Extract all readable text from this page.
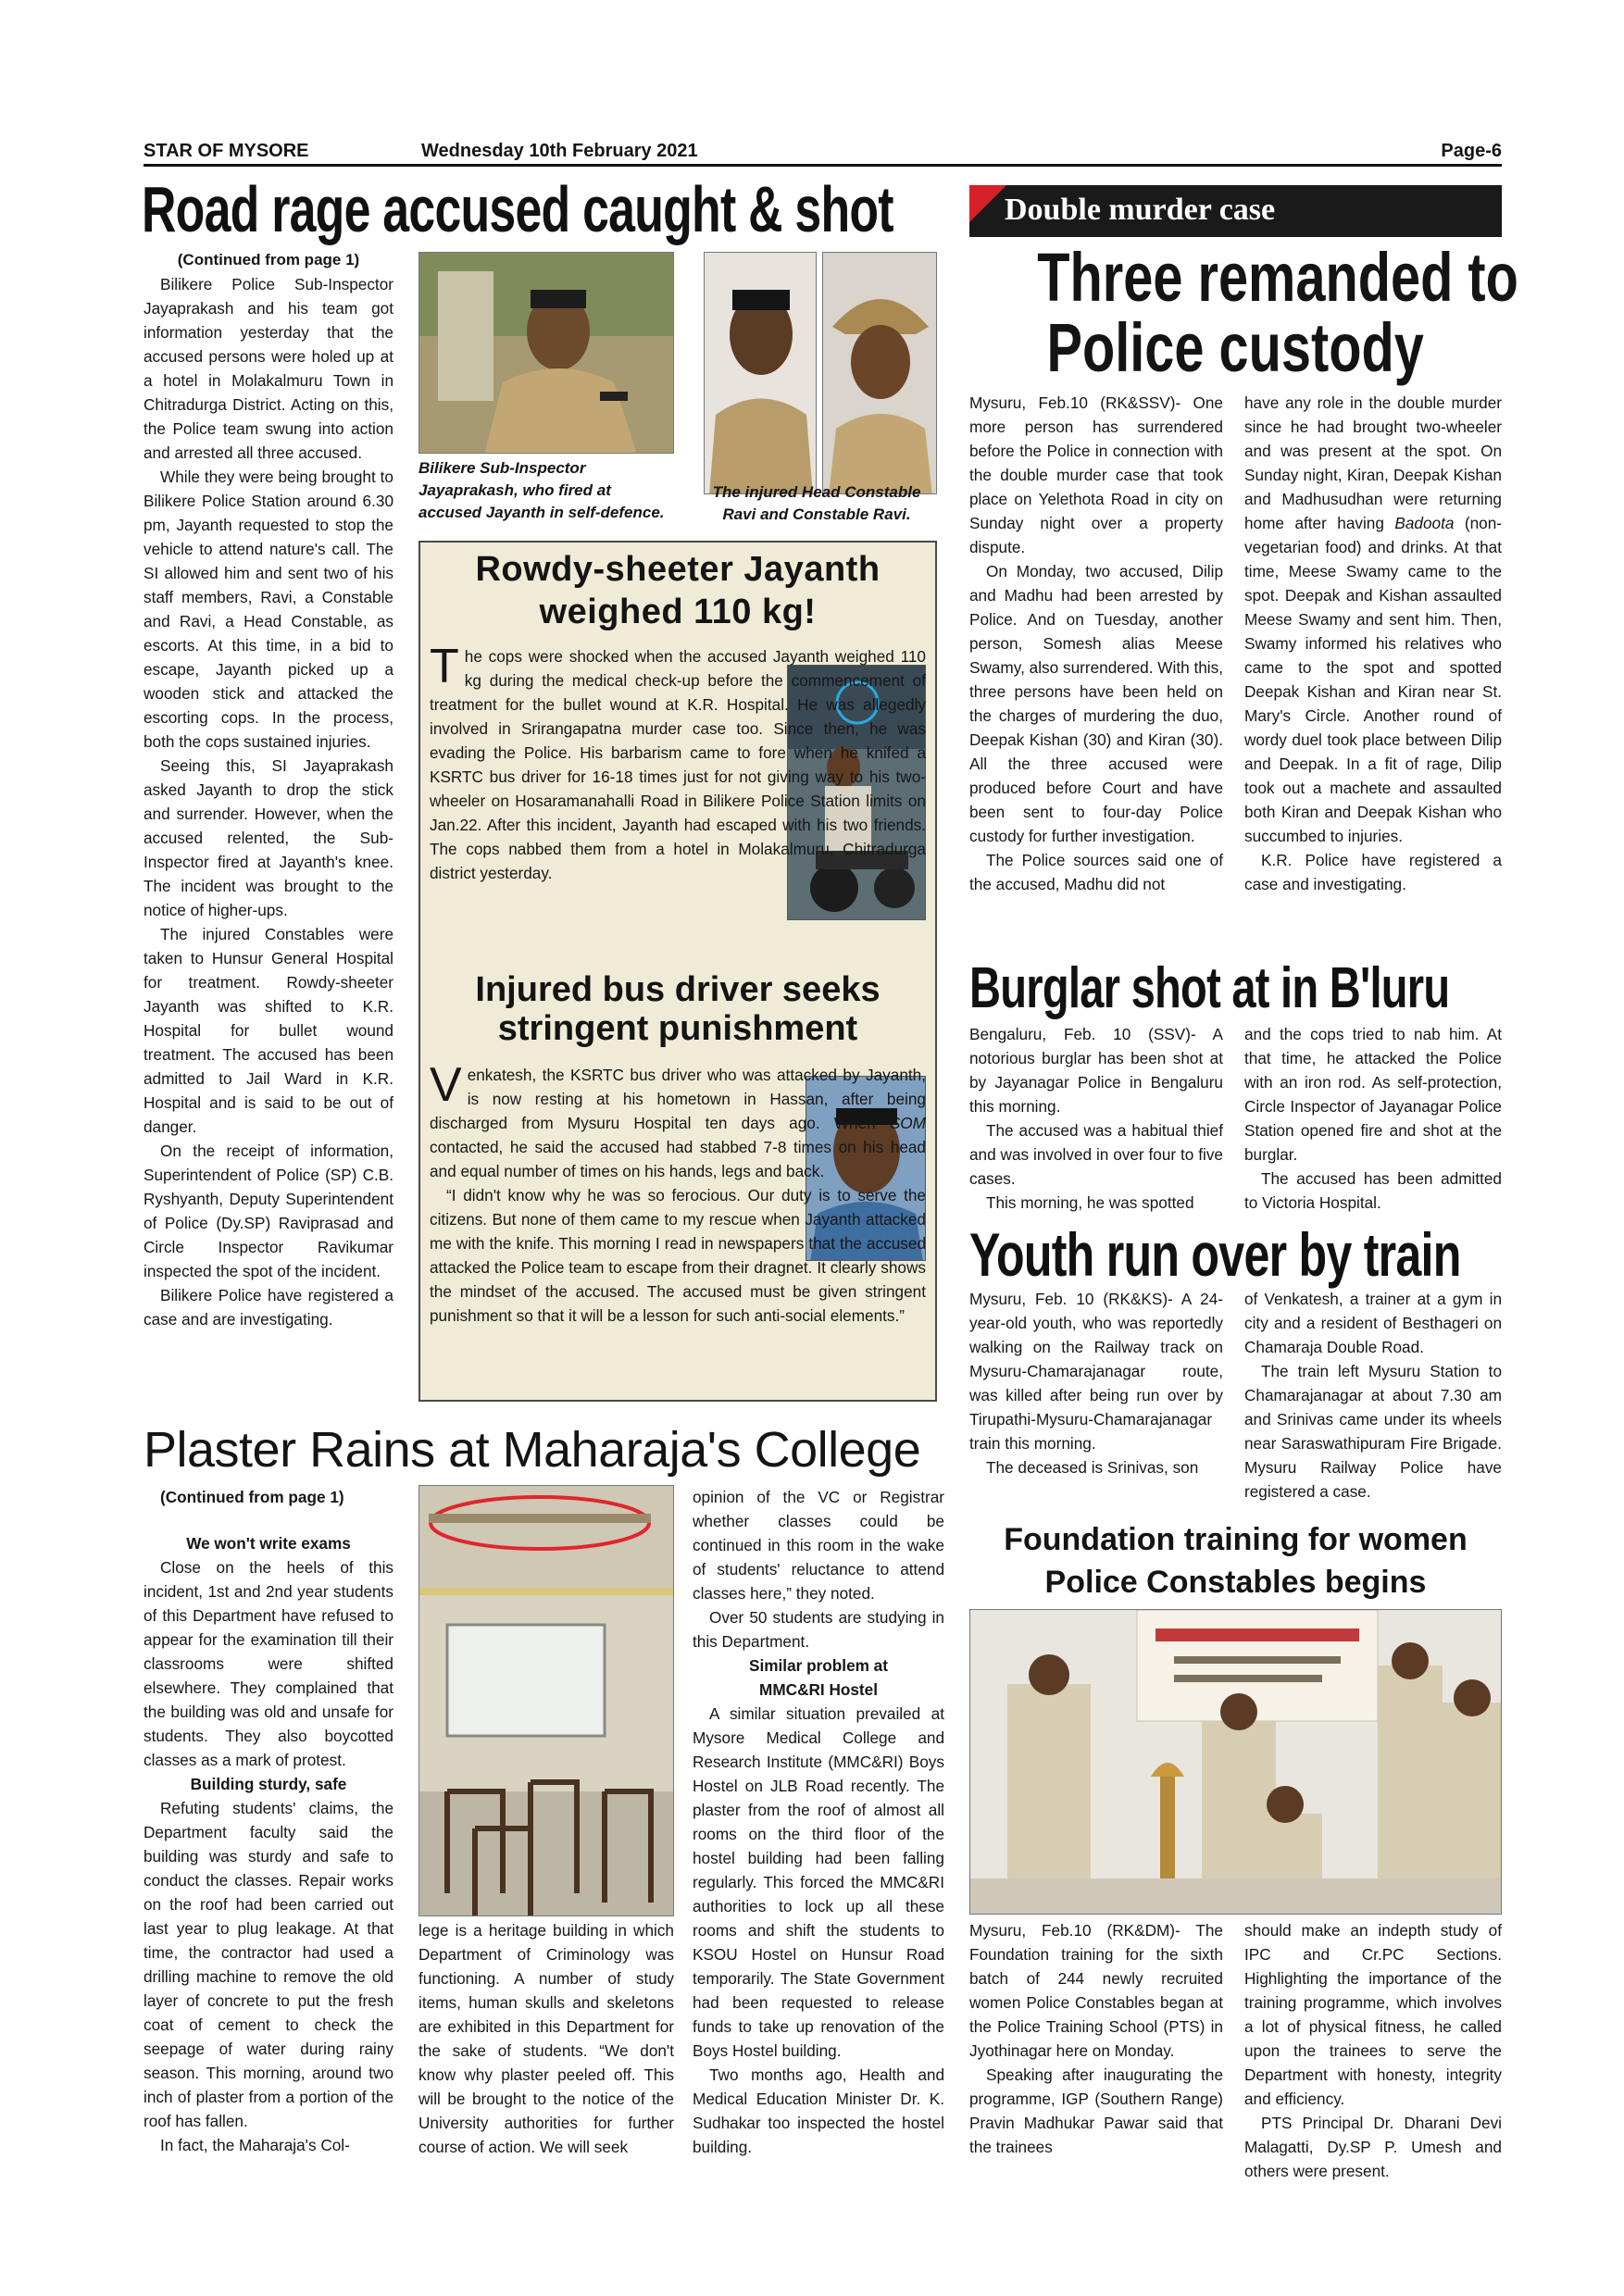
STAR OF MYSORE	Wednesday 10th February 2021	Page-6
Road rage accused caught & shot

(Continued from page 1)

Bilikere Police Sub-Inspector Jayaprakash and his team got information yesterday that the accused persons were holed up at a hotel in Molakalmuru Town in Chitradurga District. Acting on this, the Police team swung into action and arrested all three accused.

While they were being brought to Bilikere Police Station around 6.30 pm, Jayanth requested to stop the vehicle to attend nature's call. The SI allowed him and sent two of his staff members, Ravi, a Constable and Ravi, a Head Constable, as escorts. At this time, in a bid to escape, Jayanth picked up a wooden stick and attacked the escorting cops. In the process, both the cops sustained injuries.

Seeing this, SI Jayaprakash asked Jayanth to drop the stick and surrender. However, when the accused relented, the Sub-Inspector fired at Jayanth's knee. The incident was brought to the notice of higher-ups.

The injured Constables were taken to Hunsur General Hospital for treatment. Rowdy-sheeter Jayanth was shifted to K.R. Hospital for bullet wound treatment. The accused has been admitted to Jail Ward in K.R. Hospital and is said to be out of danger.

On the receipt of information, Superintendent of Police (SP) C.B. Ryshyanth, Deputy Superintendent of Police (Dy.SP) Raviprasad and Circle Inspector Ravikumar inspected the spot of the incident.

Bilikere Police have registered a case and are investigating.

Bilikere Sub-Inspector Jayaprakash, who fired at accused Jayanth in self-defence.
The injured Head Constable Ravi and Constable Ravi.
Rowdy-sheeter Jayanth weighed 110 kg!

The cops were shocked when the accused Jayanth weighed 110 kg during the medical check-up before the commencement of treatment for the bullet wound at K.R. Hospital. He was allegedly involved in Srirangapatna murder case too. Since then, he was evading the Police. His barbarism came to fore when he knifed a KSRTC bus driver for 16-18 times just for not giving way to his two-wheeler on Hosaramanahalli Road in Bilikere Police Station limits on Jan.22. After this incident, Jayanth had escaped with his two friends. The cops nabbed them from a hotel in Molakalmuru, Chitradurga district yesterday.

Injured bus driver seeks stringent punishment

Venkatesh, the KSRTC bus driver who was attacked by Jayanth, is now resting at his hometown in Hassan, after being discharged from Mysuru Hospital ten days ago. When SOM contacted, he said the accused had stabbed 7-8 times on his head and equal number of times on his hands, legs and back.

“I didn't know why he was so ferocious. Our duty is to serve the citizens. But none of them came to my rescue when Jayanth attacked me with the knife. This morning I read in newspapers that the accused attacked the Police team to escape from their dragnet. It clearly shows the mindset of the accused. The accused must be given stringent punishment so that it will be a lesson for such anti-social elements.”

Double murder case
Three remanded to
Police custody

Mysuru, Feb.10 (RK&SSV)- One more person has surrendered before the Police in connection with the double murder case that took place on Yelethota Road in city on Sunday night over a property dispute.

On Monday, two accused, Dilip and Madhu had been arrested by Police. And on Tuesday, another person, Somesh alias Meese Swamy, also surrendered. With this, three persons have been held on the charges of murdering the duo, Deepak Kishan (30) and Kiran (30). All the three accused were produced before Court and have been sent to four-day Police custody for further investigation.

The Police sources said one of the accused, Madhu did not

have any role in the double murder since he had brought two-wheeler and was present at the spot. On Sunday night, Kiran, Deepak Kishan and Madhusudhan were returning home after having Badoota (non-vegetarian food) and drinks. At that time, Meese Swamy came to the spot. Deepak and Kishan assaulted Meese Swamy and sent him. Then, Swamy informed his relatives who came to the spot and spotted Deepak Kishan and Kiran near St. Mary's Circle. Another round of wordy duel took place between Dilip and Deepak. In a fit of rage, Dilip took out a machete and assaulted both Kiran and Deepak Kishan who succumbed to injuries.

K.R. Police have registered a case and investigating.

Burglar shot at in B'luru

Bengaluru, Feb. 10 (SSV)- A notorious burglar has been shot at by Jayanagar Police in Bengaluru this morning.

The accused was a habitual thief and was involved in over four to five cases.

This morning, he was spotted

and the cops tried to nab him. At that time, he attacked the Police with an iron rod. As self-protection, Circle Inspector of Jayanagar Police Station opened fire and shot at the burglar.

The accused has been admitted to Victoria Hospital.

Youth run over by train

Mysuru, Feb. 10 (RK&KS)- A 24-year-old youth, who was reportedly walking on the Railway track on Mysuru-Chamarajanagar route, was killed after being run over by Tirupathi-Mysuru-Chamarajanagar train this morning.

The deceased is Srinivas, son

of Venkatesh, a trainer at a gym in city and a resident of Besthageri on Chamaraja Double Road.

The train left Mysuru Station to Chamarajanagar at about 7.30 am and Srinivas came under its wheels near Saraswathipuram Fire Brigade. Mysuru Railway Police have registered a case.

Foundation training for women
Police Constables begins

Mysuru, Feb.10 (RK&DM)- The Foundation training for the sixth batch of 244 newly recruited women Police Constables began at the Police Training School (PTS) in Jyothinagar here on Monday.

Speaking after inaugurating the programme, IGP (Southern Range) Pravin Madhukar Pawar said that the trainees

should make an indepth study of IPC and Cr.PC Sections. Highlighting the importance of the training programme, which involves a lot of physical fitness, he called upon the trainees to serve the Department with honesty, integrity and efficiency.

PTS Principal Dr. Dharani Devi Malagatti, Dy.SP P. Umesh and others were present.

Plaster Rains at Maharaja's College

(Continued from page 1)

We won't write exams

Close on the heels of this incident, 1st and 2nd year students of this Department have refused to appear for the examination till their classrooms were shifted elsewhere. They complained that the building was old and unsafe for students. They also boycotted classes as a mark of protest.

Building sturdy, safe

Refuting students' claims, the Department faculty said the building was sturdy and safe to conduct the classes. Repair works on the roof had been carried out last year to plug leakage. At that time, the contractor had used a drilling machine to remove the old layer of concrete to put the fresh coat of cement to check the seepage of water during rainy season. This morning, around two inch of plaster from a portion of the roof has fallen.

In fact, the Maharaja's Col-

lege is a heritage building in which Department of Criminology was functioning. A number of study items, human skulls and skeletons are exhibited in this Department for the sake of students. “We don't know why plaster peeled off. This will be brought to the notice of the University authorities for further course of action. We will seek

opinion of the VC or Registrar whether classes could be continued in this room in the wake of students' reluctance to attend classes here,” they noted.

Over 50 students are studying in this Department.

Similar problem at

MMC&RI Hostel

A similar situation prevailed at Mysore Medical College and Research Institute (MMC&RI) Boys Hostel on JLB Road recently. The plaster from the roof of almost all rooms on the third floor of the hostel building had been falling regularly. This forced the MMC&RI authorities to lock up all these rooms and shift the students to KSOU Hostel on Hunsur Road temporarily. The State Government had been requested to release funds to take up renovation of the Boys Hostel building.

Two months ago, Health and Medical Education Minister Dr. K. Sudhakar too inspected the hostel building.
